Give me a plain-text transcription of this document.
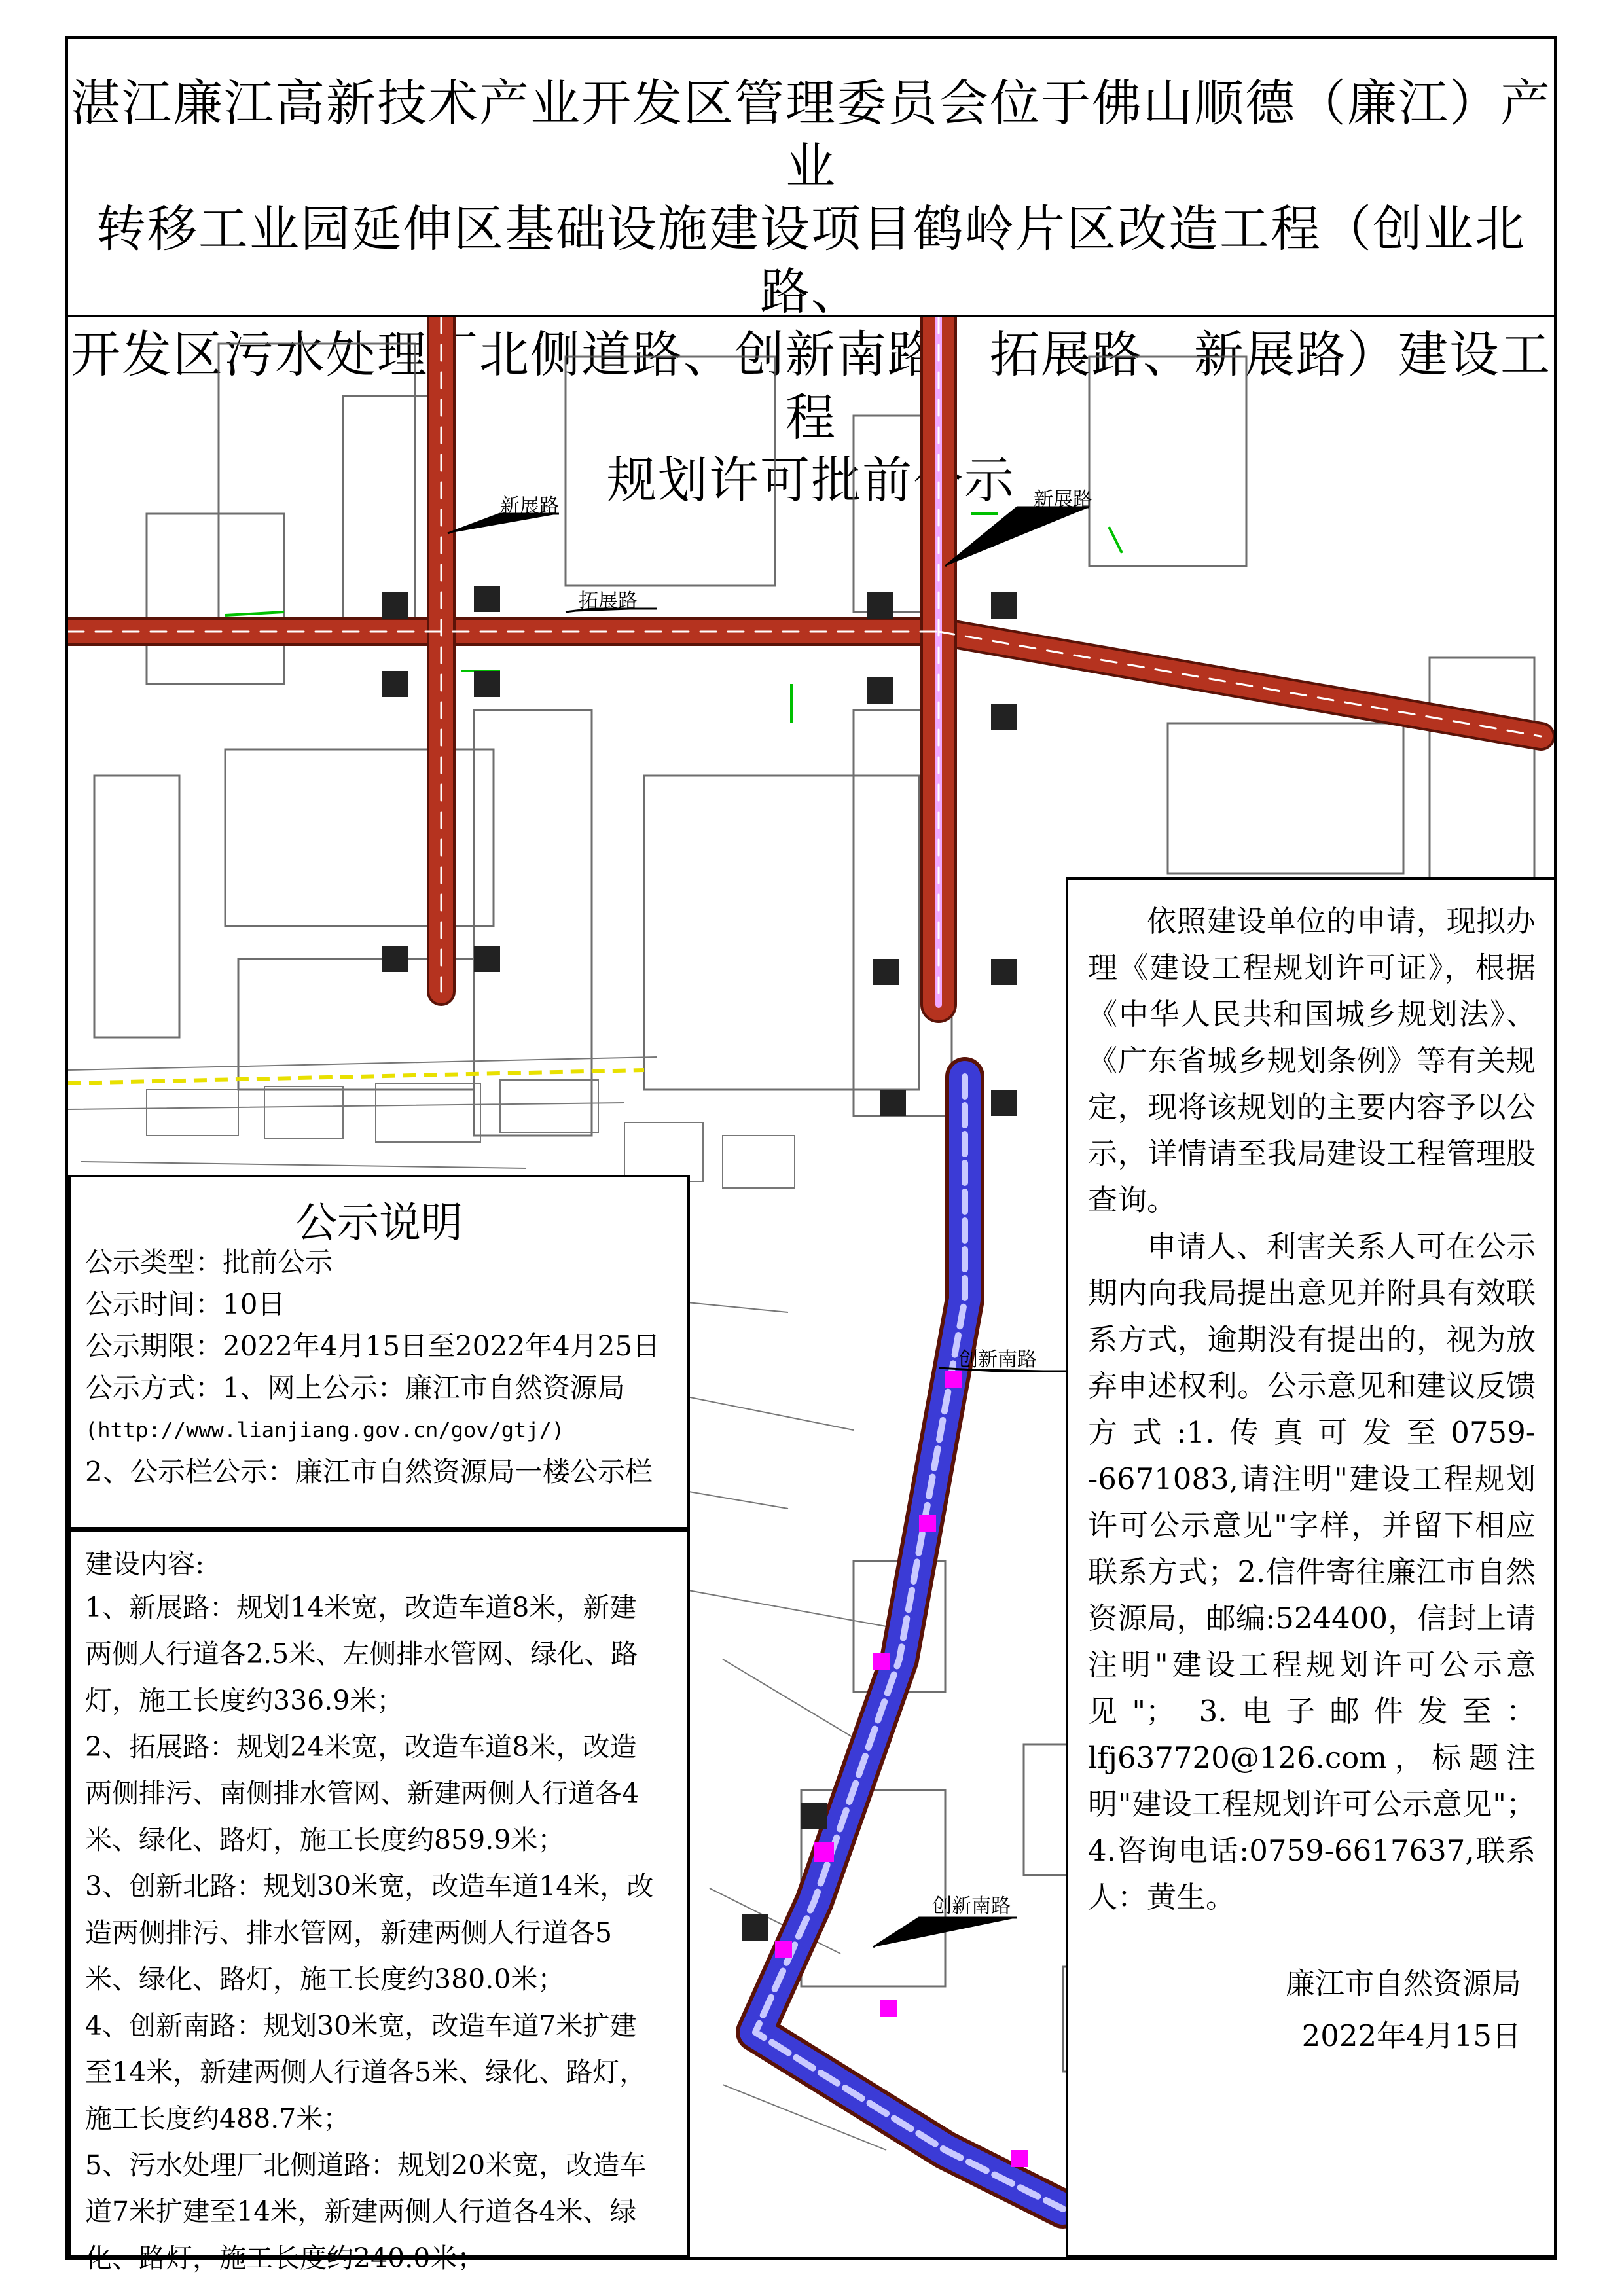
湛江廉江高新技术产业开发区管理委员会位于佛山顺德（廉江）产业
转移工业园延伸区基础设施建设项目鹤岭片区改造工程（创业北路、
开发区污水处理厂北侧道路、创新南路、拓展路、新展路）建设工程
规划许可批前公示
新展路	新展路
拓展路
创新南路
创新南路
公示说明
公示类型：批前公示
公示时间：10日
公示期限：2022年4月15日至2022年4月25日
公示方式：1、网上公示：廉江市自然资源局
(http://www.lianjiang.gov.cn/gov/gtj/)
2、公示栏公示：廉江市自然资源局一楼公示栏
建设内容:
1、新展路：规划14米宽，改造车道8米，新建
两侧人行道各2.5米、左侧排水管网、绿化、路
灯，施工长度约336.9米；
2、拓展路：规划24米宽，改造车道8米，改造
两侧排污、南侧排水管网、新建两侧人行道各4
米、绿化、路灯，施工长度约859.9米；
3、创新北路：规划30米宽，改造车道14米，改
造两侧排污、排水管网，新建两侧人行道各5
米、绿化、路灯，施工长度约380.0米；
4、创新南路：规划30米宽，改造车道7米扩建
至14米，新建两侧人行道各5米、绿化、路灯，
施工长度约488.7米；
5、污水处理厂北侧道路：规划20米宽，改造车
道7米扩建至14米，新建两侧人行道各4米、绿
化、路灯，施工长度约240.0米；

依照建设单位的申请，现拟办理《建设工程规划许可证》，根据《中华人民共和国城乡规划法》、《广东省城乡规划条例》等有关规定，现将该规划的主要内容予以公示，详情请至我局建设工程管理股查询。

申请人、利害关系人可在公示期内向我局提出意见并附具有效联系方式，逾期没有提出的，视为放弃申述权利。公示意见和建议反馈方式:1.传真可发至0759--6671083,请注明"建设工程规划许可公示意见"字样，并留下相应联系方式；2.信件寄往廉江市自然资源局，邮编:524400，信封上请注明"建设工程规划许可公示意见"； 3.电子邮件发至：lfj637720@126.com，标题注明"建设工程规划许可公示意见"；4.咨询电话:0759-6617637,联系人：黄生。

廉江市自然资源局
2022年4月15日
